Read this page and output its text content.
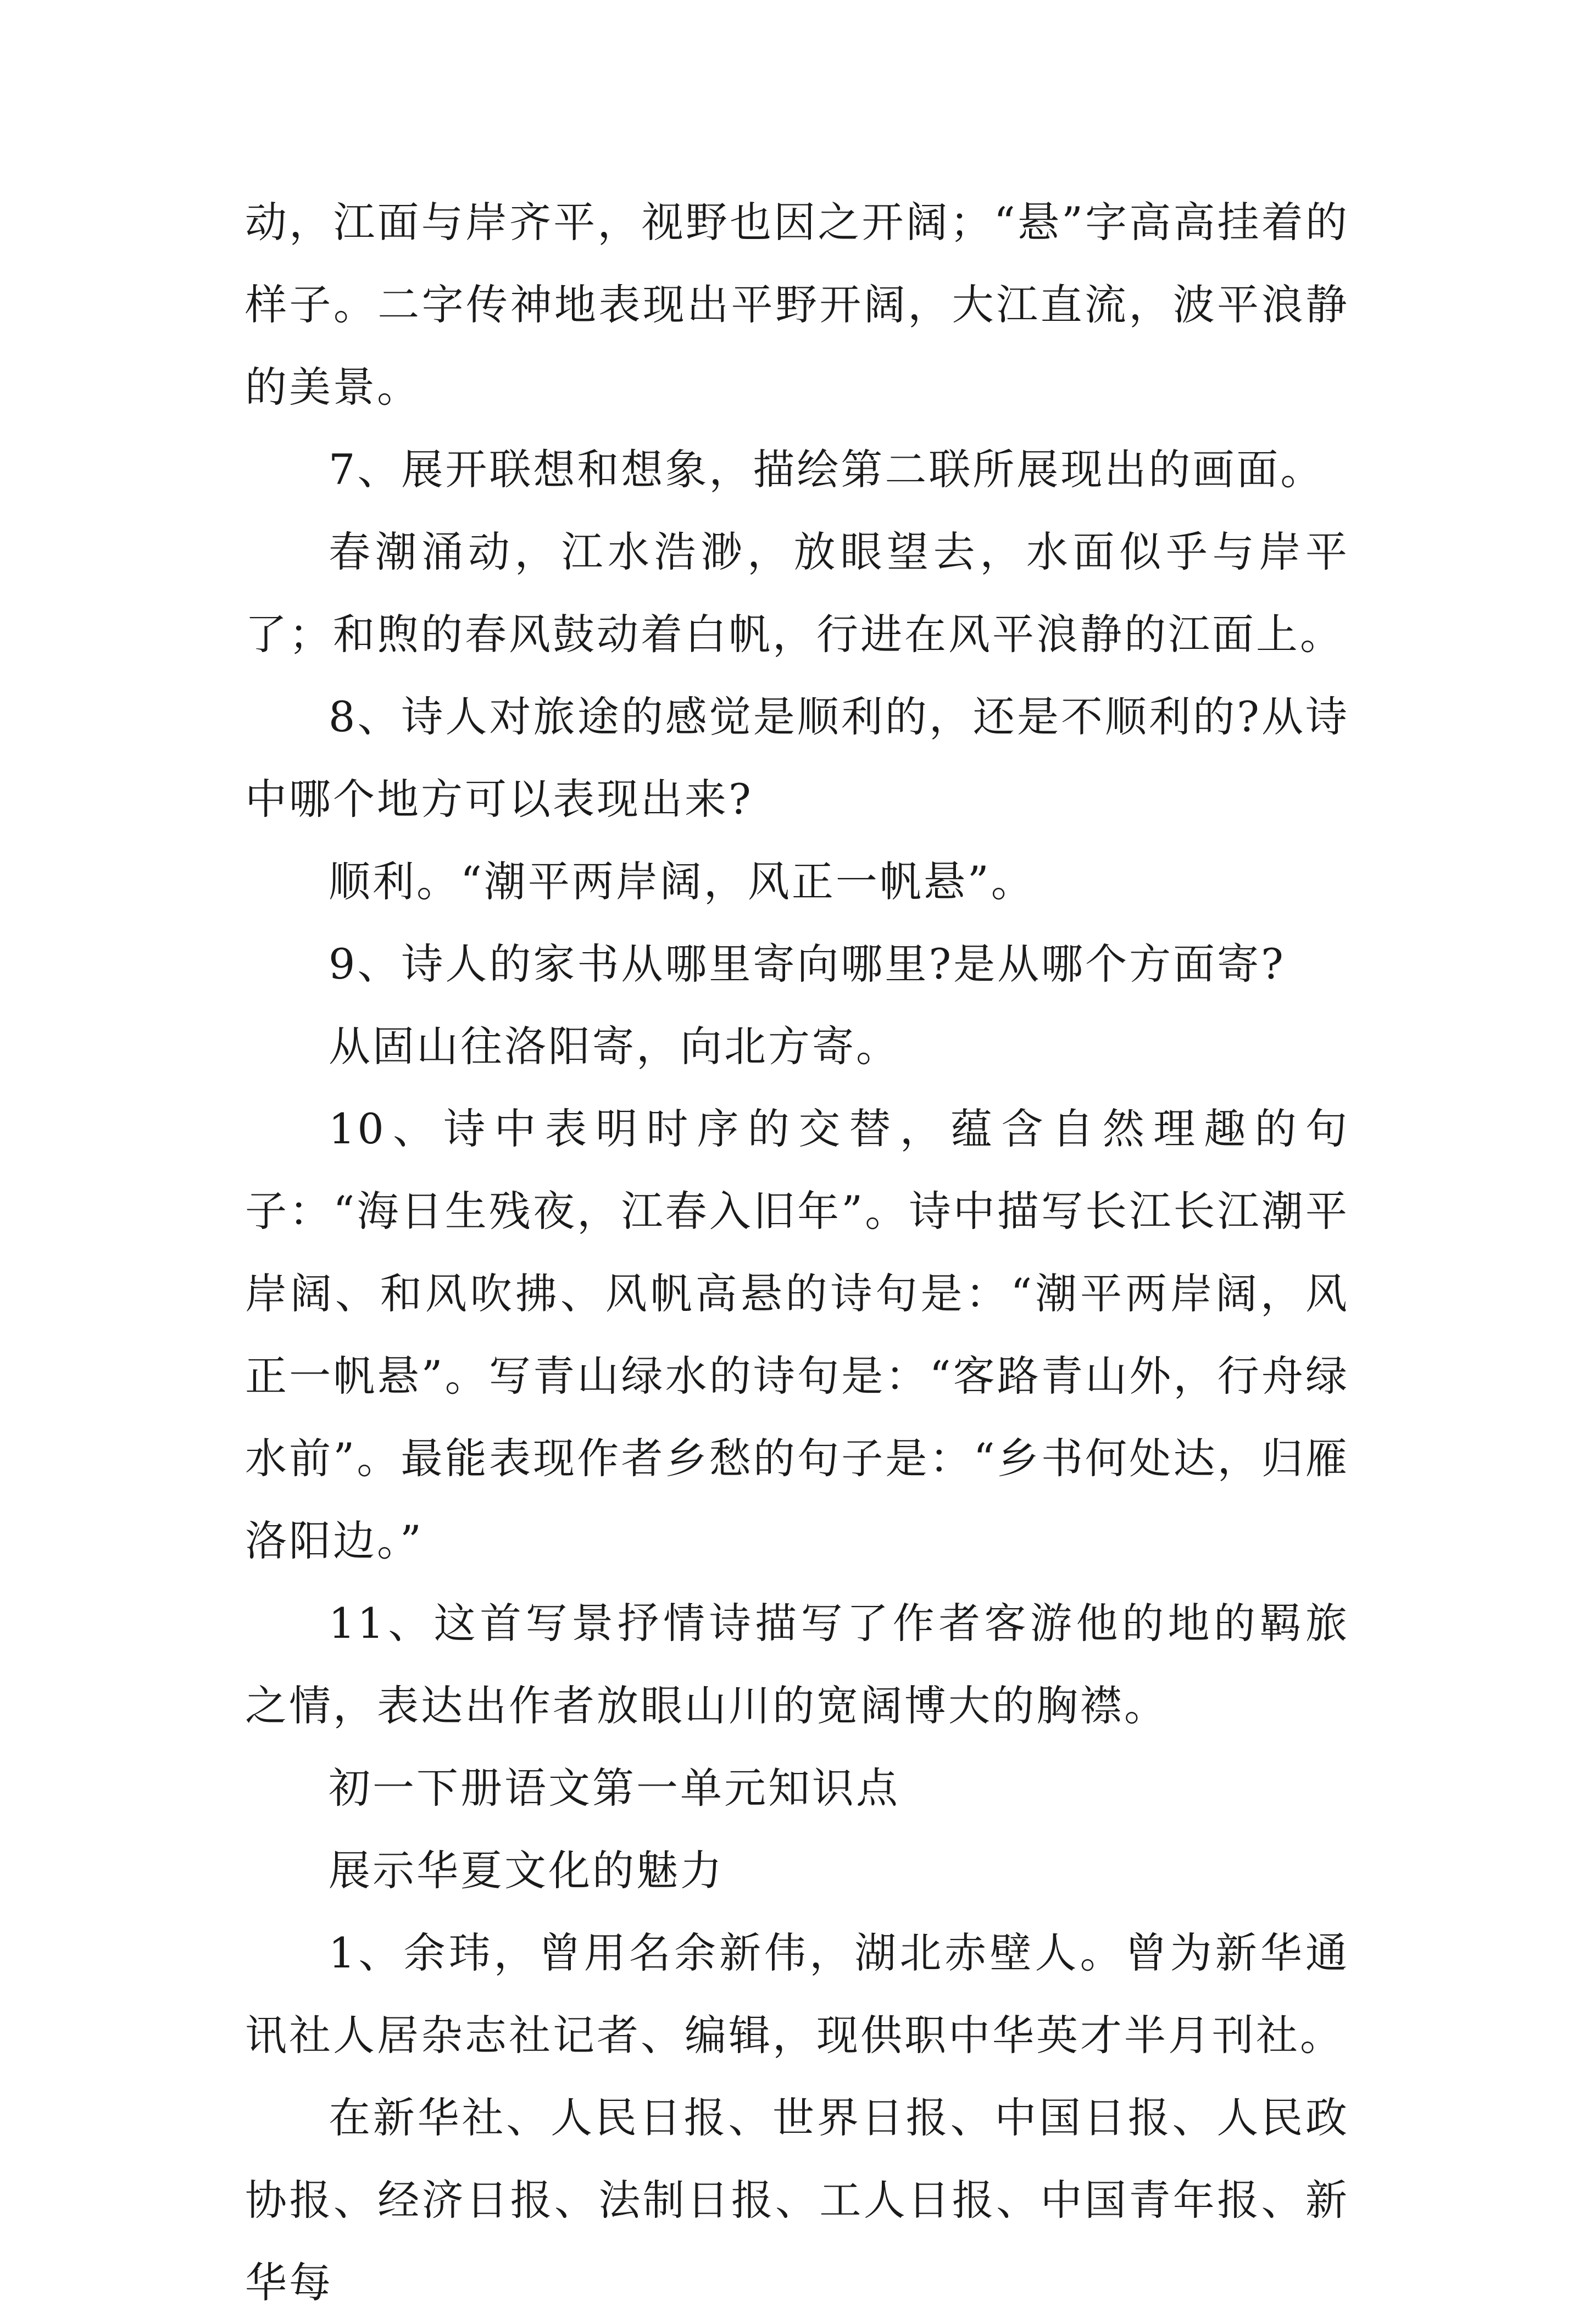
动，江面与岸齐平，视野也因之开阔；“悬”字高高挂着的样子。二字传神地表现出平野开阔，大江直流，波平浪静的美景。

7、展开联想和想象，描绘第二联所展现出的画面。

春潮涌动，江水浩渺，放眼望去，水面似乎与岸平了；和煦的春风鼓动着白帆，行进在风平浪静的江面上。

8、诗人对旅途的感觉是顺利的，还是不顺利的?从诗中哪个地方可以表现出来?

顺利。“潮平两岸阔，风正一帆悬”。

9、诗人的家书从哪里寄向哪里?是从哪个方面寄?

从固山往洛阳寄，向北方寄。

10、诗中表明时序的交替，蕴含自然理趣的句子：“海日生残夜，江春入旧年”。诗中描写长江长江潮平岸阔、和风吹拂、风帆高悬的诗句是：“潮平两岸阔，风正一帆悬”。写青山绿水的诗句是：“客路青山外，行舟绿水前”。最能表现作者乡愁的句子是：“乡书何处达，归雁洛阳边。”

11、这首写景抒情诗描写了作者客游他的地的羁旅之情，表达出作者放眼山川的宽阔博大的胸襟。

初一下册语文第一单元知识点

展示华夏文化的魅力

1、余玮，曾用名余新伟，湖北赤壁人。曾为新华通讯社人居杂志社记者、编辑，现供职中华英才半月刊社。

在新华社、人民日报、世界日报、中国日报、人民政协报、经济日报、法制日报、工人日报、中国青年报、新华每
